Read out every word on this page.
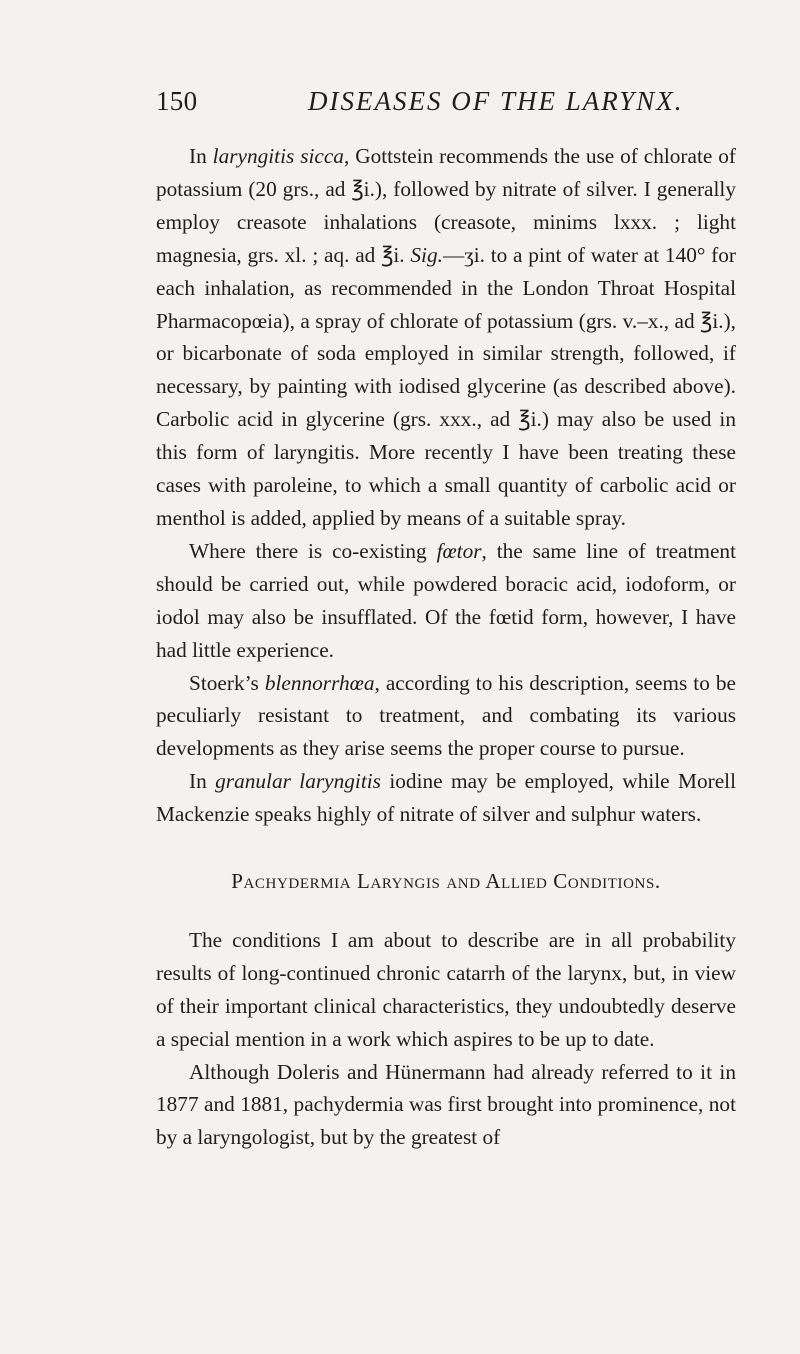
150	DISEASES OF THE LARYNX.

In laryngitis sicca, Gottstein recommends the use of chlorate of potassium (20 grs., ad ℥i.), followed by nitrate of silver. I generally employ creasote inhalations (creasote, minims lxxx. ; light magnesia, grs. xl. ; aq. ad ℥i. Sig.—ʒi. to a pint of water at 140° for each inhalation, as recommended in the London Throat Hospital Pharmacopœia), a spray of chlorate of potassium (grs. v.–x., ad ℥i.), or bicarbonate of soda employed in similar strength, followed, if necessary, by painting with iodised glycerine (as described above). Carbolic acid in glycerine (grs. xxx., ad ℥i.) may also be used in this form of laryngitis. More recently I have been treating these cases with paroleine, to which a small quantity of carbolic acid or menthol is added, applied by means of a suitable spray.

Where there is co-existing fœtor, the same line of treatment should be carried out, while powdered boracic acid, iodoform, or iodol may also be insufflated. Of the fœtid form, however, I have had little experience.

Stoerk’s blennorrhœa, according to his description, seems to be peculiarly resistant to treatment, and combating its various developments as they arise seems the proper course to pursue.

In granular laryngitis iodine may be employed, while Morell Mackenzie speaks highly of nitrate of silver and sulphur waters.

Pachydermia Laryngis and Allied Conditions.

The conditions I am about to describe are in all probability results of long-continued chronic catarrh of the larynx, but, in view of their important clinical characteristics, they undoubtedly deserve a special mention in a work which aspires to be up to date.

Although Doleris and Hünermann had already referred to it in 1877 and 1881, pachydermia was first brought into prominence, not by a laryngologist, but by the greatest of
